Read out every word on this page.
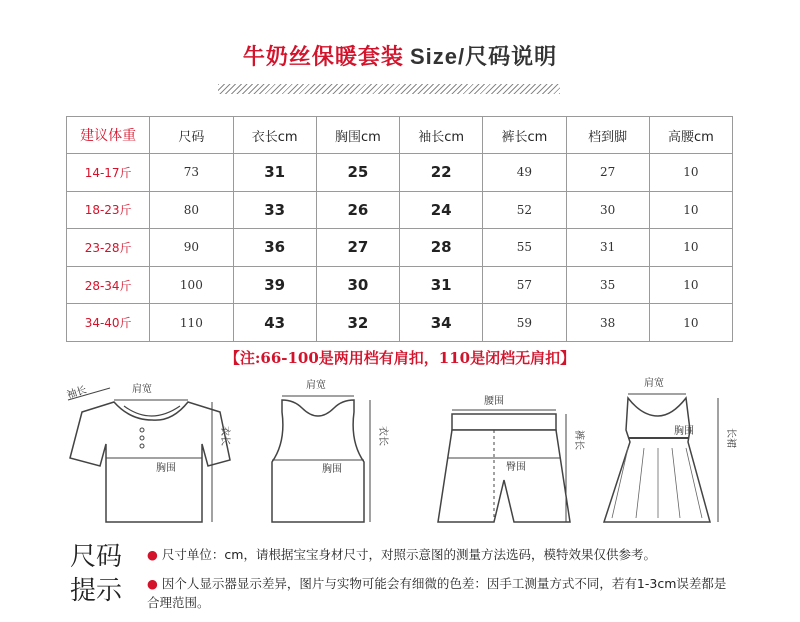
牛奶丝保暖套装 Size/尺码说明
建议体重	尺码	衣长cm	胸围cm	袖长cm	裤长cm	档到脚	高腰cm
14-17斤	73	31	25	22	49	27	10
18-23斤	80	33	26	24	52	30	10
23-28斤	90	36	27	28	55	31	10
28-34斤	100	39	30	31	57	35	10
34-40斤	110	43	32	34	59	38	10
【注:66-100是两用档有肩扣，110是闭档无肩扣】
肩宽
袖长
胸围
衣长
肩宽
胸围
衣长
腰围
臀围
裤长
肩宽
胸围	长裙
尺码
提示
● 尺寸单位：cm，请根据宝宝身材尺寸，对照示意图的测量方法选码，模特效果仅供参考。
● 因个人显示器显示差异，图片与实物可能会有细微的色差：因手工测量方式不同，若有1-3cm误差都是合理范围。
